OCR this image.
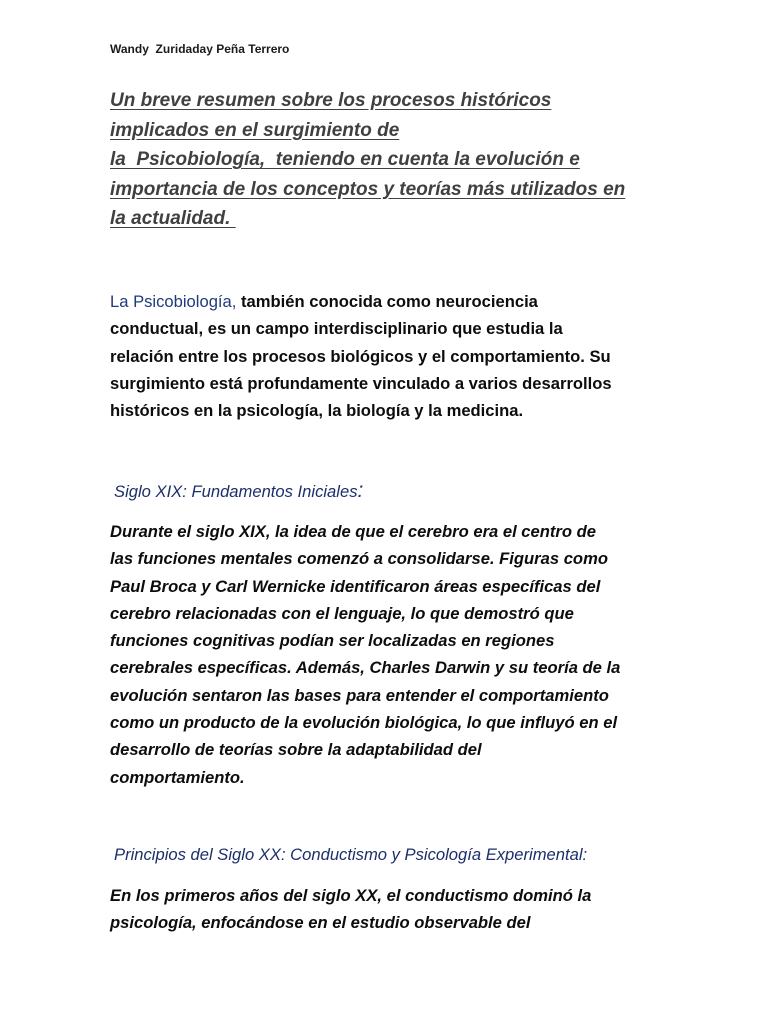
Wandy  Zuridaday Peña Terrero
Un breve resumen sobre los procesos históricos
implicados en el surgimiento de
la  Psicobiología,  teniendo en cuenta la evolución e
importancia de los conceptos y teorías más utilizados en
la actualidad.

La Psicobiología, también conocida como neurociencia
conductual, es un campo interdisciplinario que estudia la
relación entre los procesos biológicos y el comportamiento. Su
surgimiento está profundamente vinculado a varios desarrollos
históricos en la psicología, la biología y la medicina.

Siglo XIX: Fundamentos Iniciales:

Durante el siglo XIX, la idea de que el cerebro era el centro de
las funciones mentales comenzó a consolidarse. Figuras como
Paul Broca y Carl Wernicke identificaron áreas específicas del
cerebro relacionadas con el lenguaje, lo que demostró que
funciones cognitivas podían ser localizadas en regiones
cerebrales específicas. Además, Charles Darwin y su teoría de la
evolución sentaron las bases para entender el comportamiento
como un producto de la evolución biológica, lo que influyó en el
desarrollo de teorías sobre la adaptabilidad del
comportamiento.

Principios del Siglo XX: Conductismo y Psicología Experimental:

En los primeros años del siglo XX, el conductismo dominó la
psicología, enfocándose en el estudio observable del
